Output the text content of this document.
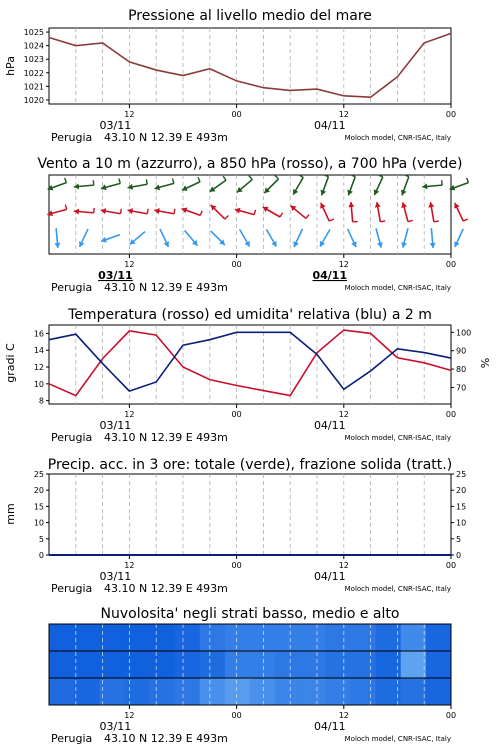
Pressione al livello medio del mare
hPa
1020
1021
1022
1023
1024
1025
12	00	12	00
03/11	04/11
Perugia 43.10 N 12.39 E 493m	Moloch model, CNR-ISAC, Italy
Vento a 10 m (azzurro), a 850 hPa (rosso), a 700 hPa (verde)
12	00	12	00
03/11	04/11
Perugia 43.10 N 12.39 E 493m	Moloch model, CNR-ISAC, Italy
Temperatura (rosso) ed umidita' relativa (blu) a 2 m
gradi C	%
8
10
12
14
16
70
80
90
100
12	00	12	00
03/11	04/11
Perugia 43.10 N 12.39 E 493m	Moloch model, CNR-ISAC, Italy
Precip. acc. in 3 ore: totale (verde), frazione solida (tratt.)
mm
0
5
10
15
20
25
0
5
10
15
20
25
12	00	12	00
03/11	04/11
Perugia 43.10 N 12.39 E 493m	Moloch model, CNR-ISAC, Italy
Nuvolosita' negli strati basso, medio e alto
12	00	12	00
03/11	04/11
Perugia 43.10 N 12.39 E 493m	Moloch model, CNR-ISAC, Italy
